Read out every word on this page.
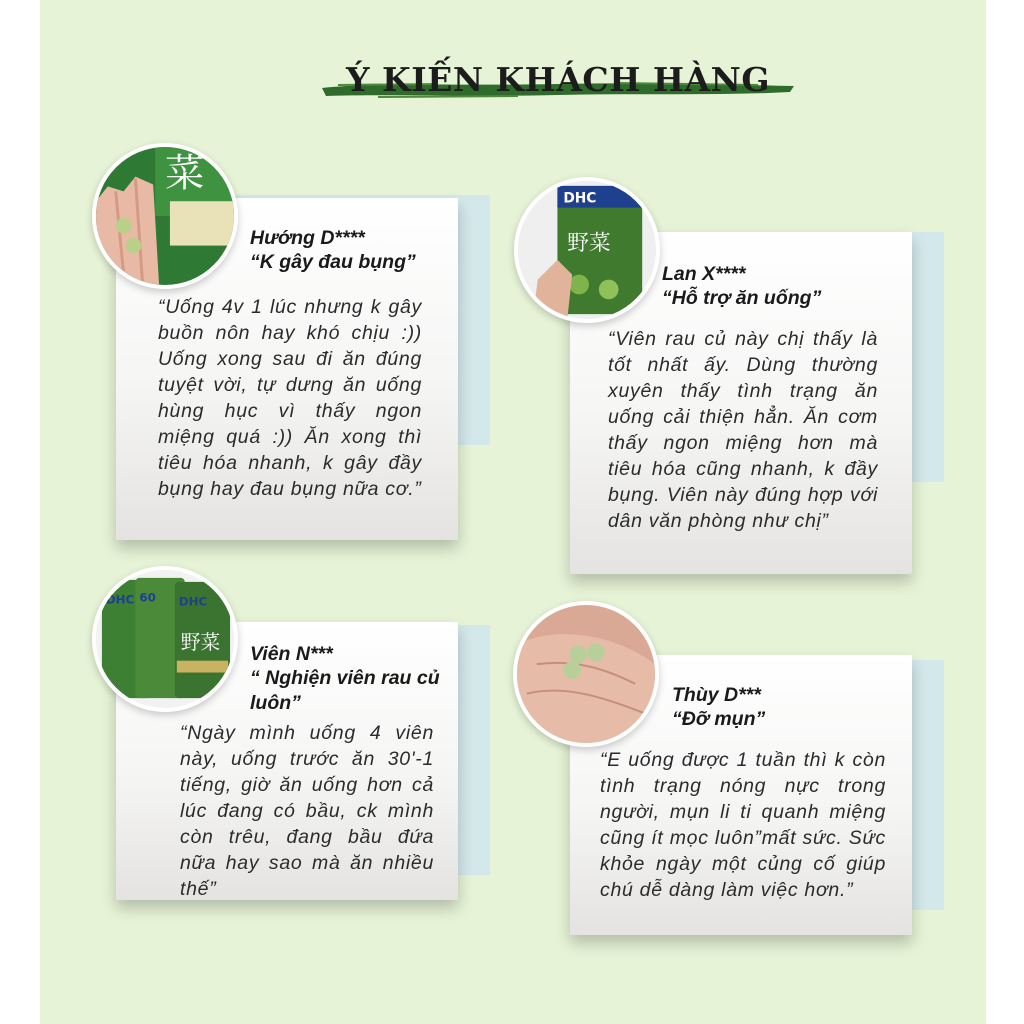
Ý KIẾN KHÁCH HÀNG
Hướng D****
“K gây đau bụng”
“Uống 4v 1 lúc nhưng k gây buồn nôn hay khó chịu :)) Uống xong sau đi ăn đúng tuyệt vời, tự dưng ăn uống hùng hục vì thấy ngon miệng quá :)) Ăn xong thì tiêu hóa nhanh, k gây đầy bụng hay đau bụng nữa cơ.”
菜
Lan X****
“Hỗ trợ ăn uống”
“Viên rau củ này chị thấy là tốt nhất ấy. Dùng thường xuyên thấy tình trạng ăn uống cải thiện hẳn. Ăn cơm thấy ngon miệng hơn mà tiêu hóa cũng nhanh, k đầy bụng. Viên này đúng hợp với dân văn phòng như chị”
DHC
野菜
Viên N***
“ Nghiện viên rau củ luôn”
“Ngày mình uống 4 viên này, uống trước ăn 30'-1 tiếng, giờ ăn uống hơn cả lúc đang có bầu, ck mình còn trêu, đang bầu đứa nữa hay sao mà ăn nhiều thế”
DHC 60 DHC
野菜
Thùy D***
“Đỡ mụn”
“E uống được 1 tuần thì k còn tình trạng nóng nực trong người, mụn li ti quanh miệng cũng ít mọc luôn”mất sức. Sức khỏe ngày một củng cố giúp chú dễ dàng làm việc hơn.”
